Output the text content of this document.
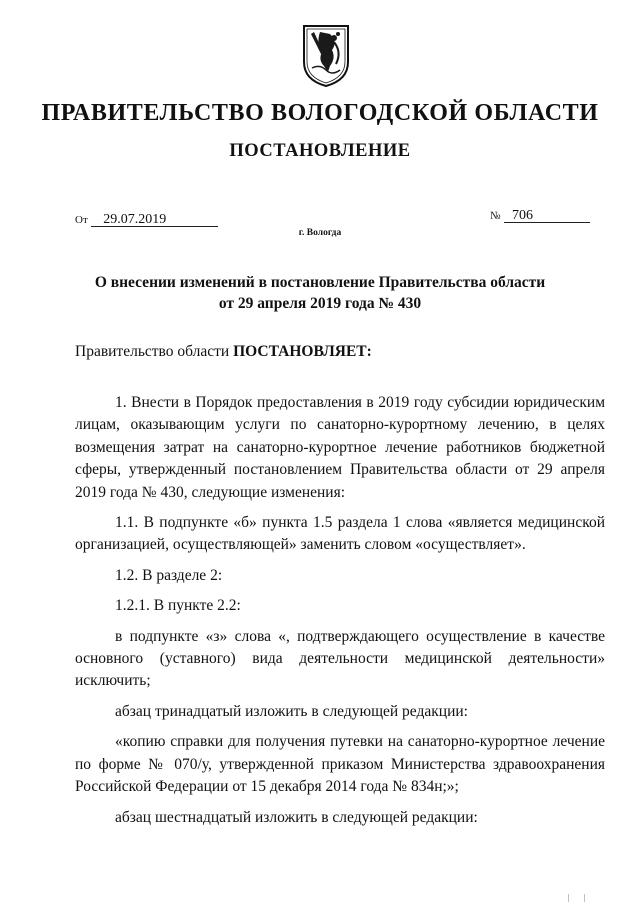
ПРАВИТЕЛЬСТВО ВОЛОГОДСКОЙ ОБЛАСТИ
ПОСТАНОВЛЕНИЕ
От 29.07.2019	№ 706
г. Вологда
О внесении изменений в постановление Правительства области
от 29 апреля 2019 года № 430
Правительство области ПОСТАНОВЛЯЕТ:

1. Внести в Порядок предоставления в 2019 году субсидии юридическим лицам, оказывающим услуги по санаторно-курортному лечению, в целях возмещения затрат на санаторно-курортное лечение работников бюджетной сферы, утвержденный постановлением Правительства области от 29 апреля 2019 года № 430, следующие изменения:

1.1. В подпункте «б» пункта 1.5 раздела 1 слова «является медицинской организацией, осуществляющей» заменить словом «осуществляет».

1.2. В разделе 2:

1.2.1. В пункте 2.2:

в подпункте «з» слова «, подтверждающего осуществление в качестве основного (уставного) вида деятельности медицинской деятельности» исключить;

абзац тринадцатый изложить в следующей редакции:

«копию справки для получения путевки на санаторно-курортное лечение по форме № 070/у, утвержденной приказом Министерства здравоохранения Российской Федерации от 15 декабря 2014 года № 834н;»;

абзац шестнадцатый изложить в следующей редакции:

| |
